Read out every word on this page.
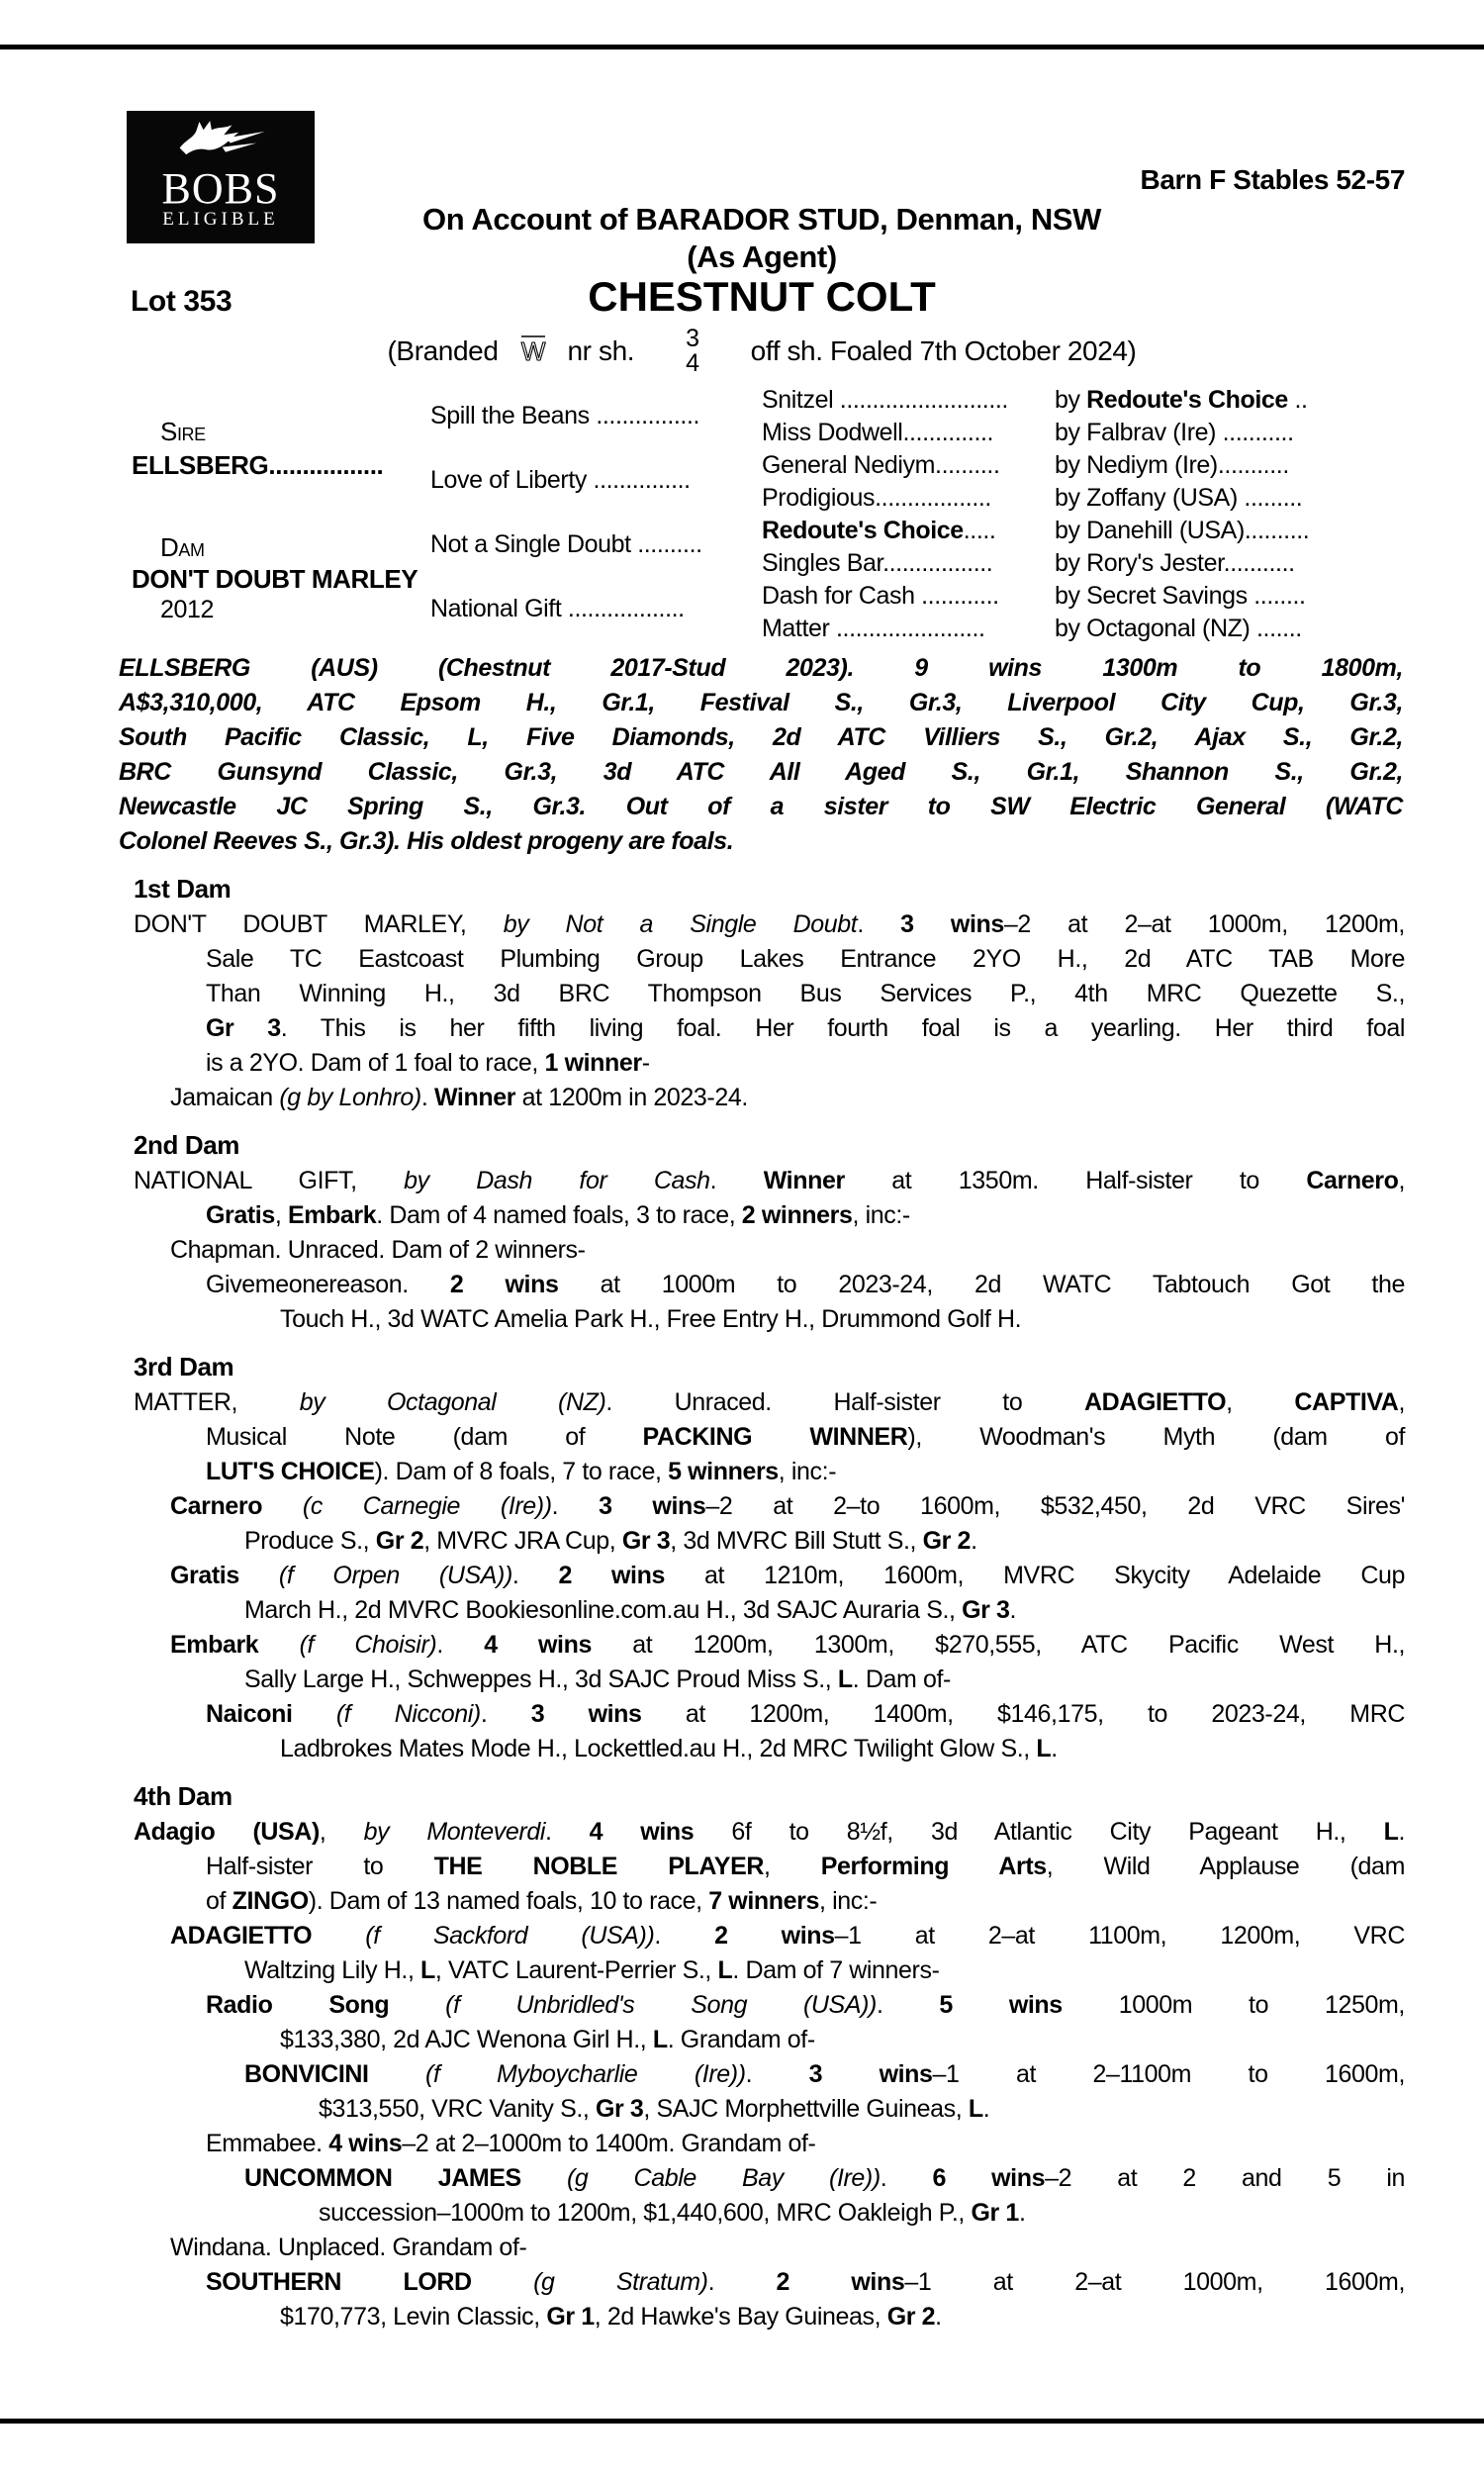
BOBS
ELIGIBLE
Barn F Stables 52-57
On Account of BARADOR STUD, Denman, NSW
(As Agent)
Lot 353	CHESTNUT COLT
(Branded W nr sh. 3
4 off sh. Foaled 7th October 2024)
Sire
ELLSBERG.................
Dam
DON'T DOUBT MARLEY
2012
Spill the Beans ................
Love of Liberty ...............
Not a Single Doubt ..........
National Gift ..................
Snitzel .......................... by Redoute's Choice ..
Miss Dodwell.............. by Falbrav (Ire) ...........
General Nediym.......... by Nediym (Ire)...........
Prodigious..................	by Zoffany (USA) .........
Redoute's Choice..... by Danehill (USA)..........
Singles Bar.................	by Rory's Jester...........
Dash for Cash ............ by Secret Savings ........
Matter .......................	by Octagonal (NZ) .......
ELLSBERG (AUS) (Chestnut 2017-Stud 2023). 9 wins 1300m to 1800m,
A$3,310,000, ATC Epsom H., Gr.1, Festival S., Gr.3, Liverpool City Cup, Gr.3,
South Pacific Classic, L, Five Diamonds, 2d ATC Villiers S., Gr.2, Ajax S., Gr.2,
BRC Gunsynd Classic, Gr.3, 3d ATC All Aged S., Gr.1, Shannon S., Gr.2,
Newcastle JC Spring S., Gr.3. Out of a sister to SW Electric General (WATC
Colonel Reeves S., Gr.3). His oldest progeny are foals.
1st Dam
DON'T DOUBT MARLEY, by Not a Single Doubt. 3 wins–2 at 2–at 1000m, 1200m,
Sale TC Eastcoast Plumbing Group Lakes Entrance 2YO H., 2d ATC TAB More
Than Winning H., 3d BRC Thompson Bus Services P., 4th MRC Quezette S.,
Gr 3. This is her fifth living foal. Her fourth foal is a yearling. Her third foal
is a 2YO. Dam of 1 foal to race, 1 winner-
Jamaican (g by Lonhro). Winner at 1200m in 2023-24.
2nd Dam
NATIONAL GIFT, by Dash for Cash. Winner at 1350m. Half-sister to Carnero,
Gratis, Embark. Dam of 4 named foals, 3 to race, 2 winners, inc:-
Chapman. Unraced. Dam of 2 winners-
Givemeonereason. 2 wins at 1000m to 2023-24, 2d WATC Tabtouch Got the
Touch H., 3d WATC Amelia Park H., Free Entry H., Drummond Golf H.
3rd Dam
MATTER, by Octagonal (NZ). Unraced. Half-sister to ADAGIETTO, CAPTIVA,
Musical Note (dam of PACKING WINNER), Woodman's Myth (dam of
LUT'S CHOICE). Dam of 8 foals, 7 to race, 5 winners, inc:-
Carnero (c Carnegie (Ire)). 3 wins–2 at 2–to 1600m, $532,450, 2d VRC Sires'
Produce S., Gr 2, MVRC JRA Cup, Gr 3, 3d MVRC Bill Stutt S., Gr 2.
Gratis (f Orpen (USA)). 2 wins at 1210m, 1600m, MVRC Skycity Adelaide Cup
March H., 2d MVRC Bookiesonline.com.au H., 3d SAJC Auraria S., Gr 3.
Embark (f Choisir). 4 wins at 1200m, 1300m, $270,555, ATC Pacific West H.,
Sally Large H., Schweppes H., 3d SAJC Proud Miss S., L. Dam of-
Naiconi (f Nicconi). 3 wins at 1200m, 1400m, $146,175, to 2023-24, MRC
Ladbrokes Mates Mode H., Lockettled.au H., 2d MRC Twilight Glow S., L.
4th Dam
Adagio (USA), by Monteverdi. 4 wins 6f to 8½f, 3d Atlantic City Pageant H., L.
Half-sister to THE NOBLE PLAYER, Performing Arts, Wild Applause (dam
of ZINGO). Dam of 13 named foals, 10 to race, 7 winners, inc:-
ADAGIETTO (f Sackford (USA)). 2 wins–1 at 2–at 1100m, 1200m, VRC
Waltzing Lily H., L, VATC Laurent-Perrier S., L. Dam of 7 winners-
Radio Song (f Unbridled's Song (USA)). 5 wins 1000m to 1250m,
$133,380, 2d AJC Wenona Girl H., L. Grandam of-
BONVICINI (f Myboycharlie (Ire)). 3 wins–1 at 2–1100m to 1600m,
$313,550, VRC Vanity S., Gr 3, SAJC Morphettville Guineas, L.
Emmabee. 4 wins–2 at 2–1000m to 1400m. Grandam of-
UNCOMMON JAMES (g Cable Bay (Ire)). 6 wins–2 at 2 and 5 in
succession–1000m to 1200m, $1,440,600, MRC Oakleigh P., Gr 1.
Windana. Unplaced. Grandam of-
SOUTHERN LORD (g Stratum). 2 wins–1 at 2–at 1000m, 1600m,
$170,773, Levin Classic, Gr 1, 2d Hawke's Bay Guineas, Gr 2.
